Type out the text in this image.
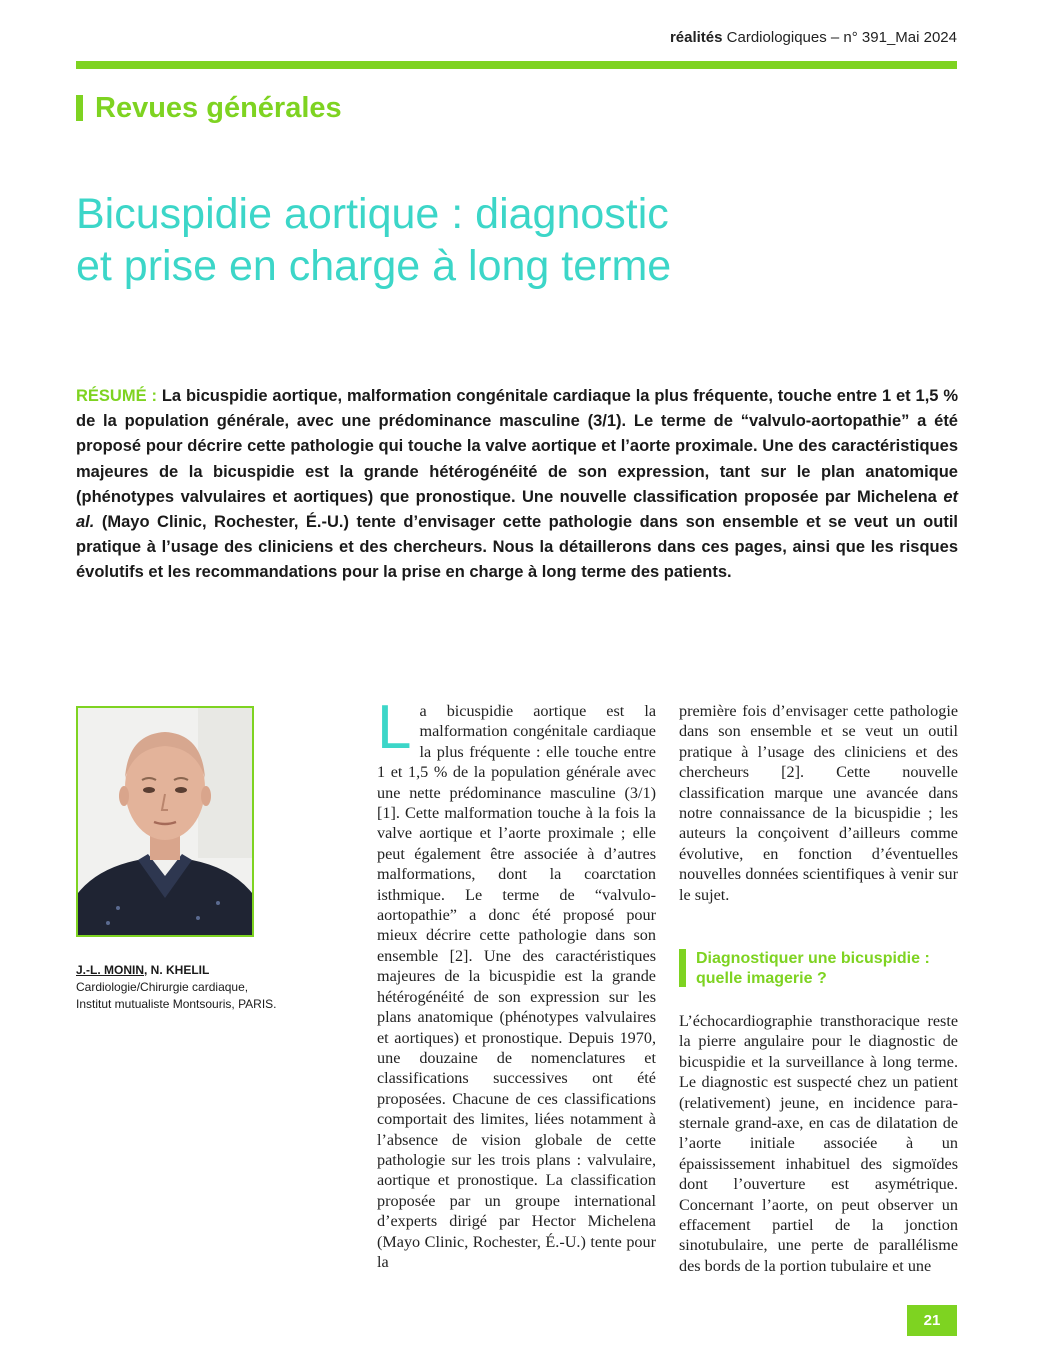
réalités Cardiologiques – n° 391_Mai 2024
Revues générales
Bicuspidie aortique : diagnostic
et prise en charge à long terme

RÉSUMÉ : La bicuspidie aortique, malformation congénitale cardiaque la plus fréquente, touche entre 1 et 1,5 % de la population générale, avec une prédominance masculine (3/1). Le terme de “valvulo-aortopathie” a été proposé pour décrire cette pathologie qui touche la valve aortique et l’aorte proximale. Une des caractéristiques majeures de la bicuspidie est la grande hétérogénéité de son expression, tant sur le plan anatomique (phénotypes valvulaires et aortiques) que pronostique. Une nouvelle classification proposée par Michelena et al. (Mayo Clinic, Rochester, É.-U.) tente d’envisager cette pathologie dans son ensemble et se veut un outil pratique à l’usage des cliniciens et des chercheurs. Nous la détaillerons dans ces pages, ainsi que les risques évolutifs et les recommandations pour la prise en charge à long terme des patients.

J.-L. MONIN, N. KHELIL
Cardiologie/Chirurgie cardiaque,
Institut mutualiste Montsouris, PARIS.

La bicuspidie aortique est la malformation congénitale cardiaque la plus fréquente : elle touche entre 1 et 1,5 % de la population générale avec une nette prédominance masculine (3/1) [1]. Cette malformation touche à la fois la valve aortique et l’aorte proximale ; elle peut également être associée à d’autres malformations, dont la coarctation isthmique. Le terme de “valvulo-aortopathie” a donc été proposé pour mieux décrire cette pathologie dans son ensemble [2]. Une des caractéristiques majeures de la bicuspidie est la grande hétérogénéité de son expression sur les plans anatomique (phénotypes valvulaires et aortiques) et pronostique. Depuis 1970, une douzaine de nomenclatures et classifications successives ont été proposées. Chacune de ces classifications comportait des limites, liées notamment à l’absence de vision globale de cette pathologie sur les trois plans : valvulaire, aortique et pronostique. La classification proposée par un groupe international d’experts dirigé par Hector Michelena (Mayo Clinic, Rochester, É.-U.) tente pour la

première fois d’envisager cette pathologie dans son ensemble et se veut un outil pratique à l’usage des cliniciens et des chercheurs [2]. Cette nouvelle classification marque une avancée dans notre connaissance de la bicuspidie ; les auteurs la conçoivent d’ailleurs comme évolutive, en fonction d’éventuelles nouvelles données scientifiques à venir sur le sujet.

Diagnostiquer une bicuspidie : quelle imagerie ?

L’échocardiographie transthoracique reste la pierre angulaire pour le diagnostic de bicuspidie et la surveillance à long terme. Le diagnostic est suspecté chez un patient (relativement) jeune, en incidence para-sternale grand-axe, en cas de dilatation de l’aorte initiale associée à un épaississement inhabituel des sigmoïdes dont l’ouverture est asymétrique. Concernant l’aorte, on peut observer un effacement partiel de la jonction sinotubulaire, une perte de parallélisme des bords de la portion tubulaire et une

21
